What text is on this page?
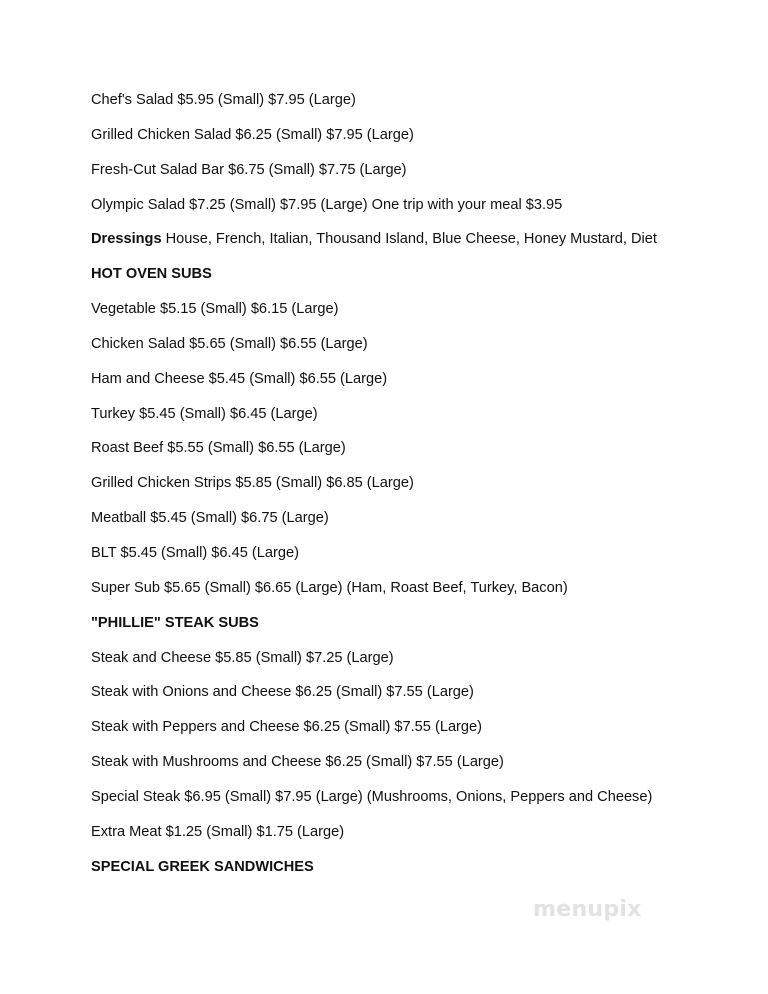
Chef's Salad $5.95 (Small) $7.95 (Large)
Grilled Chicken Salad $6.25 (Small) $7.95 (Large)
Fresh-Cut Salad Bar $6.75 (Small) $7.75 (Large)
Olympic Salad $7.25 (Small) $7.95 (Large) One trip with your meal $3.95
Dressings House, French, Italian, Thousand Island, Blue Cheese, Honey Mustard, Diet
HOT OVEN SUBS
Vegetable $5.15 (Small) $6.15 (Large)
Chicken Salad $5.65 (Small) $6.55 (Large)
Ham and Cheese $5.45 (Small) $6.55 (Large)
Turkey $5.45 (Small) $6.45 (Large)
Roast Beef $5.55 (Small) $6.55 (Large)
Grilled Chicken Strips $5.85 (Small) $6.85 (Large)
Meatball $5.45 (Small) $6.75 (Large)
BLT $5.45 (Small) $6.45 (Large)
Super Sub $5.65 (Small) $6.65 (Large) (Ham, Roast Beef, Turkey, Bacon)
"PHILLIE" STEAK SUBS
Steak and Cheese $5.85 (Small) $7.25 (Large)
Steak with Onions and Cheese $6.25 (Small) $7.55 (Large)
Steak with Peppers and Cheese $6.25 (Small) $7.55 (Large)
Steak with Mushrooms and Cheese $6.25 (Small) $7.55 (Large)
Special Steak $6.95 (Small) $7.95 (Large) (Mushrooms, Onions, Peppers and Cheese)
Extra Meat $1.25 (Small) $1.75 (Large)
SPECIAL GREEK SANDWICHES
menupix
